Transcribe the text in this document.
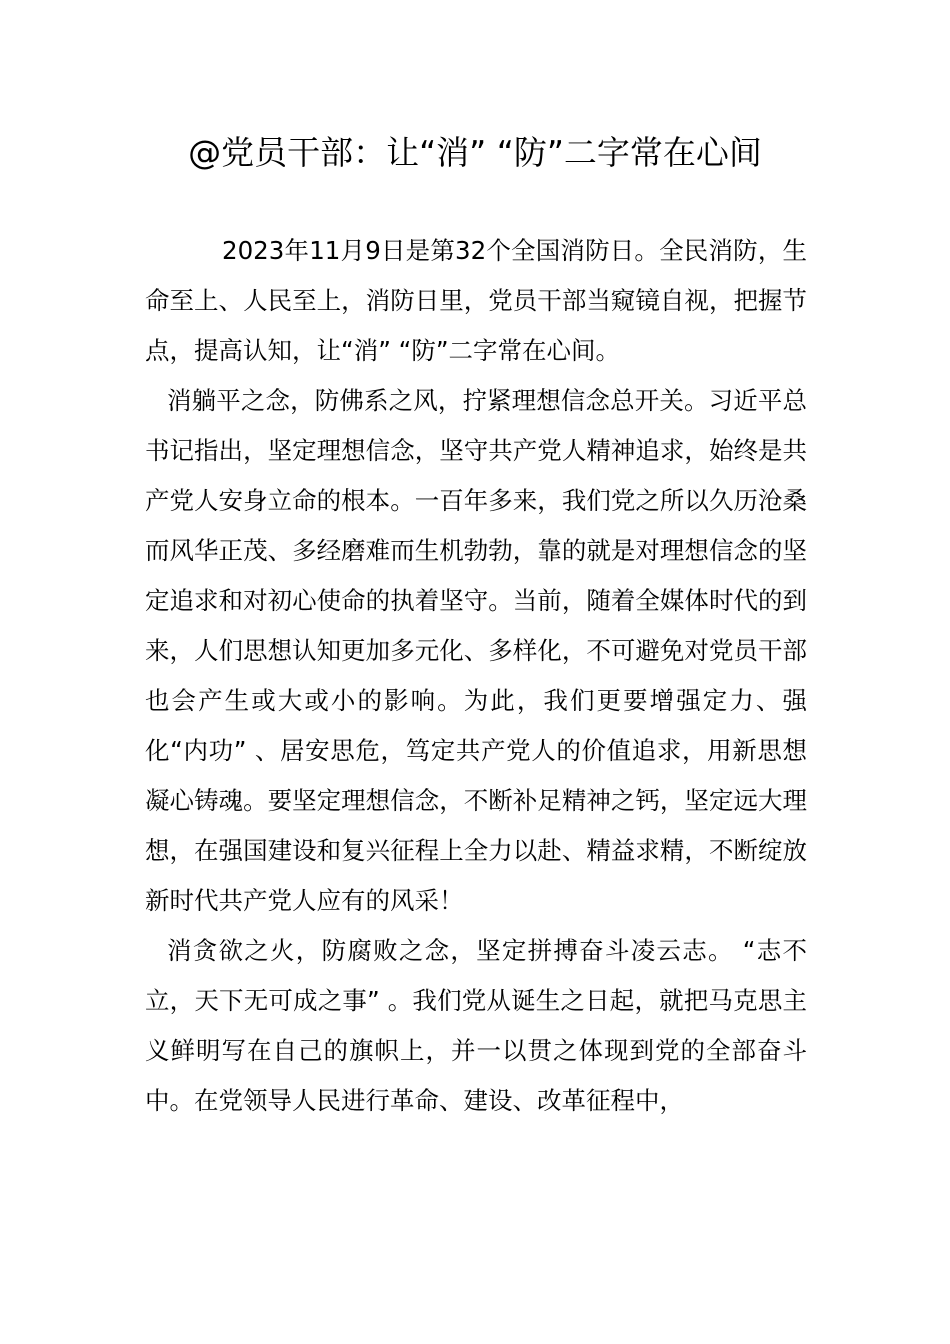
@党员干部：让“消” “防”二字常在心间

2023年11月9日是第32个全国消防日。全民消防，生命至上、人民至上，消防日里，党员干部当窥镜自视，把握节点，提高认知，让“消” “防”二字常在心间。

消躺平之念，防佛系之风，拧紧理想信念总开关。习近平总书记指出，坚定理想信念，坚守共产党人精神追求，始终是共产党人安身立命的根本。一百年多来，我们党之所以久历沧桑而风华正茂、多经磨难而生机勃勃，靠的就是对理想信念的坚定追求和对初心使命的执着坚守。当前，随着全媒体时代的到来，人们思想认知更加多元化、多样化，不可避免对党员干部也会产生或大或小的影响。为此，我们更要增强定力、强化“内功” 、居安思危，笃定共产党人的价值追求，用新思想凝心铸魂。要坚定理想信念，不断补足精神之钙，坚定远大理想，在强国建设和复兴征程上全力以赴、精益求精，不断绽放新时代共产党人应有的风采！

消贪欲之火，防腐败之念，坚定拼搏奋斗凌云志。 “志不立，天下无可成之事” 。我们党从诞生之日起，就把马克思主义鲜明写在自己的旗帜上，并一以贯之体现到党的全部奋斗中。在党领导人民进行革命、建设、改革征程中，
